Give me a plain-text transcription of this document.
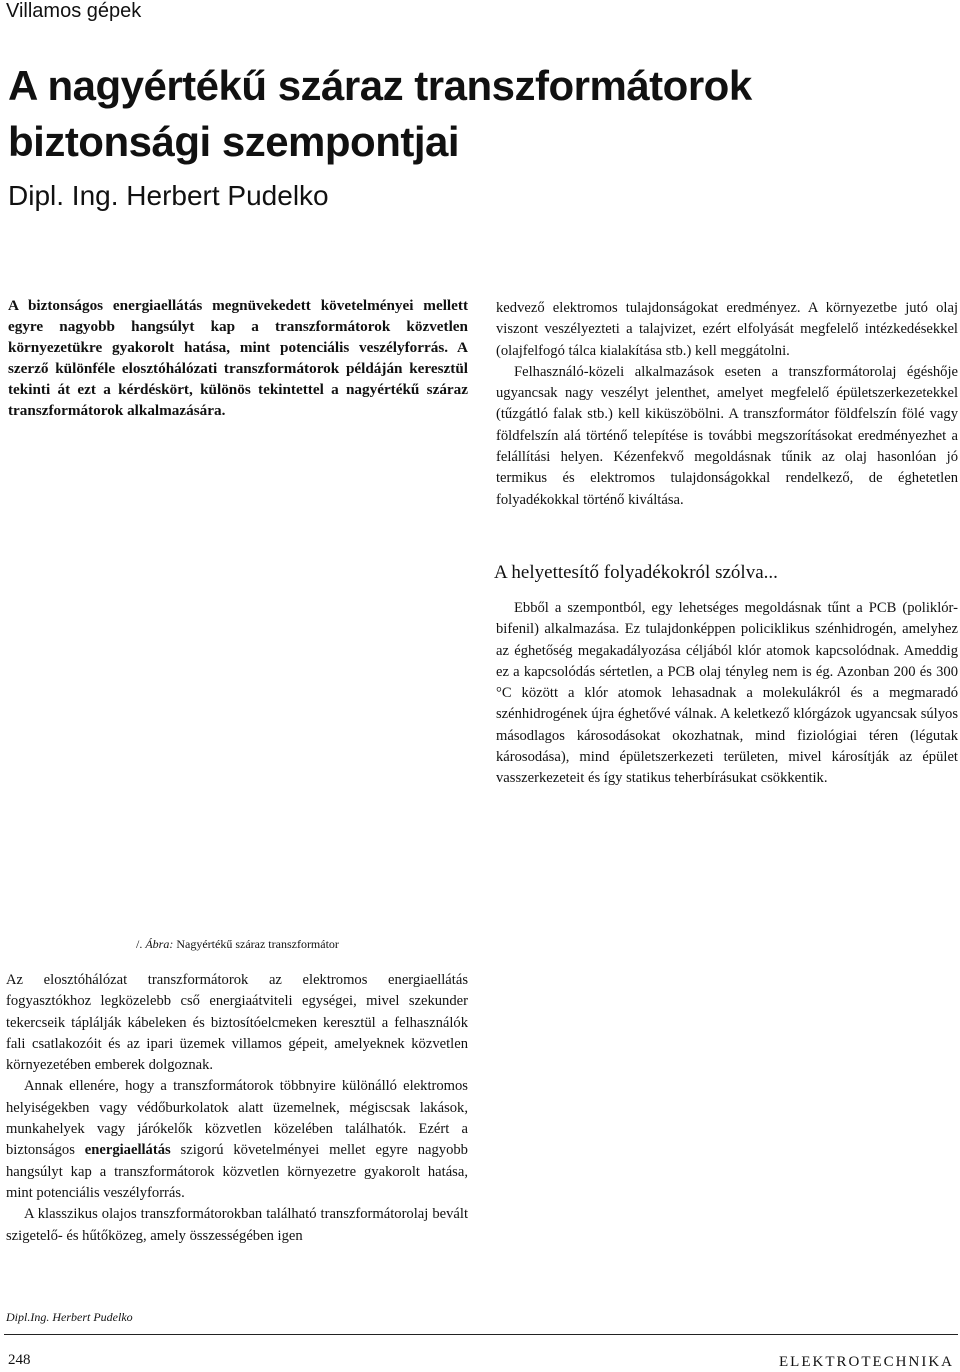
Villamos gépek
A nagyértékű száraz transzformátorok
biztonsági szempontjai
Dipl. Ing. Herbert Pudelko

A biztonságos energiaellátás megnüvekedett követelményei mellett egyre nagyobb hangsúlyt kap a transzformátorok közvetlen környezetükre gyakorolt hatása, mint potenciális veszélyforrás. A szerző különféle elosztóhálózati transzformátorok példáján keresztül tekinti át ezt a kérdéskört, különös tekintettel a nagyértékű száraz transzformátorok alkalmazására.

kedvező elektromos tulajdonságokat eredményez. A környezetbe jutó olaj viszont veszélyezteti a talajvizet, ezért elfolyását megfelelő intézkedésekkel (olajfelfogó tálca kialakítása stb.) kell meggátolni.

Felhasználó-közeli alkalmazások eseten a transzformátorolaj égéshője ugyancsak nagy veszélyt jelenthet, amelyet megfelelő épületszerkezetekkel (tűzgátló falak stb.) kell kiküszöbölni. A transzformátor földfelszín fölé vagy földfelszín alá történő telepítése is további megszorításokat eredményezhet a felállítási helyen. Kézenfekvő megoldásnak tűnik az olaj hasonlóan jó termikus és elektromos tulajdonságokkal rendelkező, de éghetetlen folyadékokkal történő kiváltása.

A helyettesítő folyadékokról szólva...

Ebből a szempontból, egy lehetséges megoldásnak tűnt a PCB (poliklór-bifenil) alkalmazása. Ez tulajdonképpen policiklikus szénhidrogén, amelyhez az éghetőség megakadályozása céljából klór atomok kapcsolódnak. Ameddig ez a kapcsolódás sértetlen, a PCB olaj tényleg nem is ég. Azonban 200 és 300 °C között a klór atomok lehasadnak a molekulákról és a megmaradó szénhidrogének újra éghetővé válnak. A keletkező klórgázok ugyancsak súlyos másodlagos károsodásokat okozhatnak, mind fiziológiai téren (légutak károsodása), mind épületszerkezeti területen, mivel károsítják az épület vasszerkezeteit és így statikus teherbírásukat csökkentik.

/. Ábra: Nagyértékű száraz transzformátor

Az elosztóhálózat transzformátorok az elektromos energiaellátás fogyasztókhoz legközelebb cső energiaátviteli egységei, mivel szekunder tekercseik táplálják kábeleken és biztosítóelcmeken keresztül a felhasználók fali csatlakozóit és az ipari üzemek villamos gépeit, amelyeknek közvetlen környezetében emberek dolgoznak.

Annak ellenére, hogy a transzformátorok többnyire különálló elektromos helyiségekben vagy védőburkolatok alatt üzemelnek, mégiscsak lakások, munkahelyek vagy járókelők közvetlen közelében találhatók. Ezért a biztonságos energiaellátás szigorú követelményei mellet egyre nagyobb hangsúlyt kap a transzformátorok közvetlen környezetre gyakorolt hatása, mint potenciális veszélyforrás.

A klasszikus olajos transzformátorokban található transzformátorolaj bevált szigetelő- és hűtőközeg, amely összességében igen

Dipl.Ing. Herbert Pudelko
248	ELEKTROTECHNIKA
